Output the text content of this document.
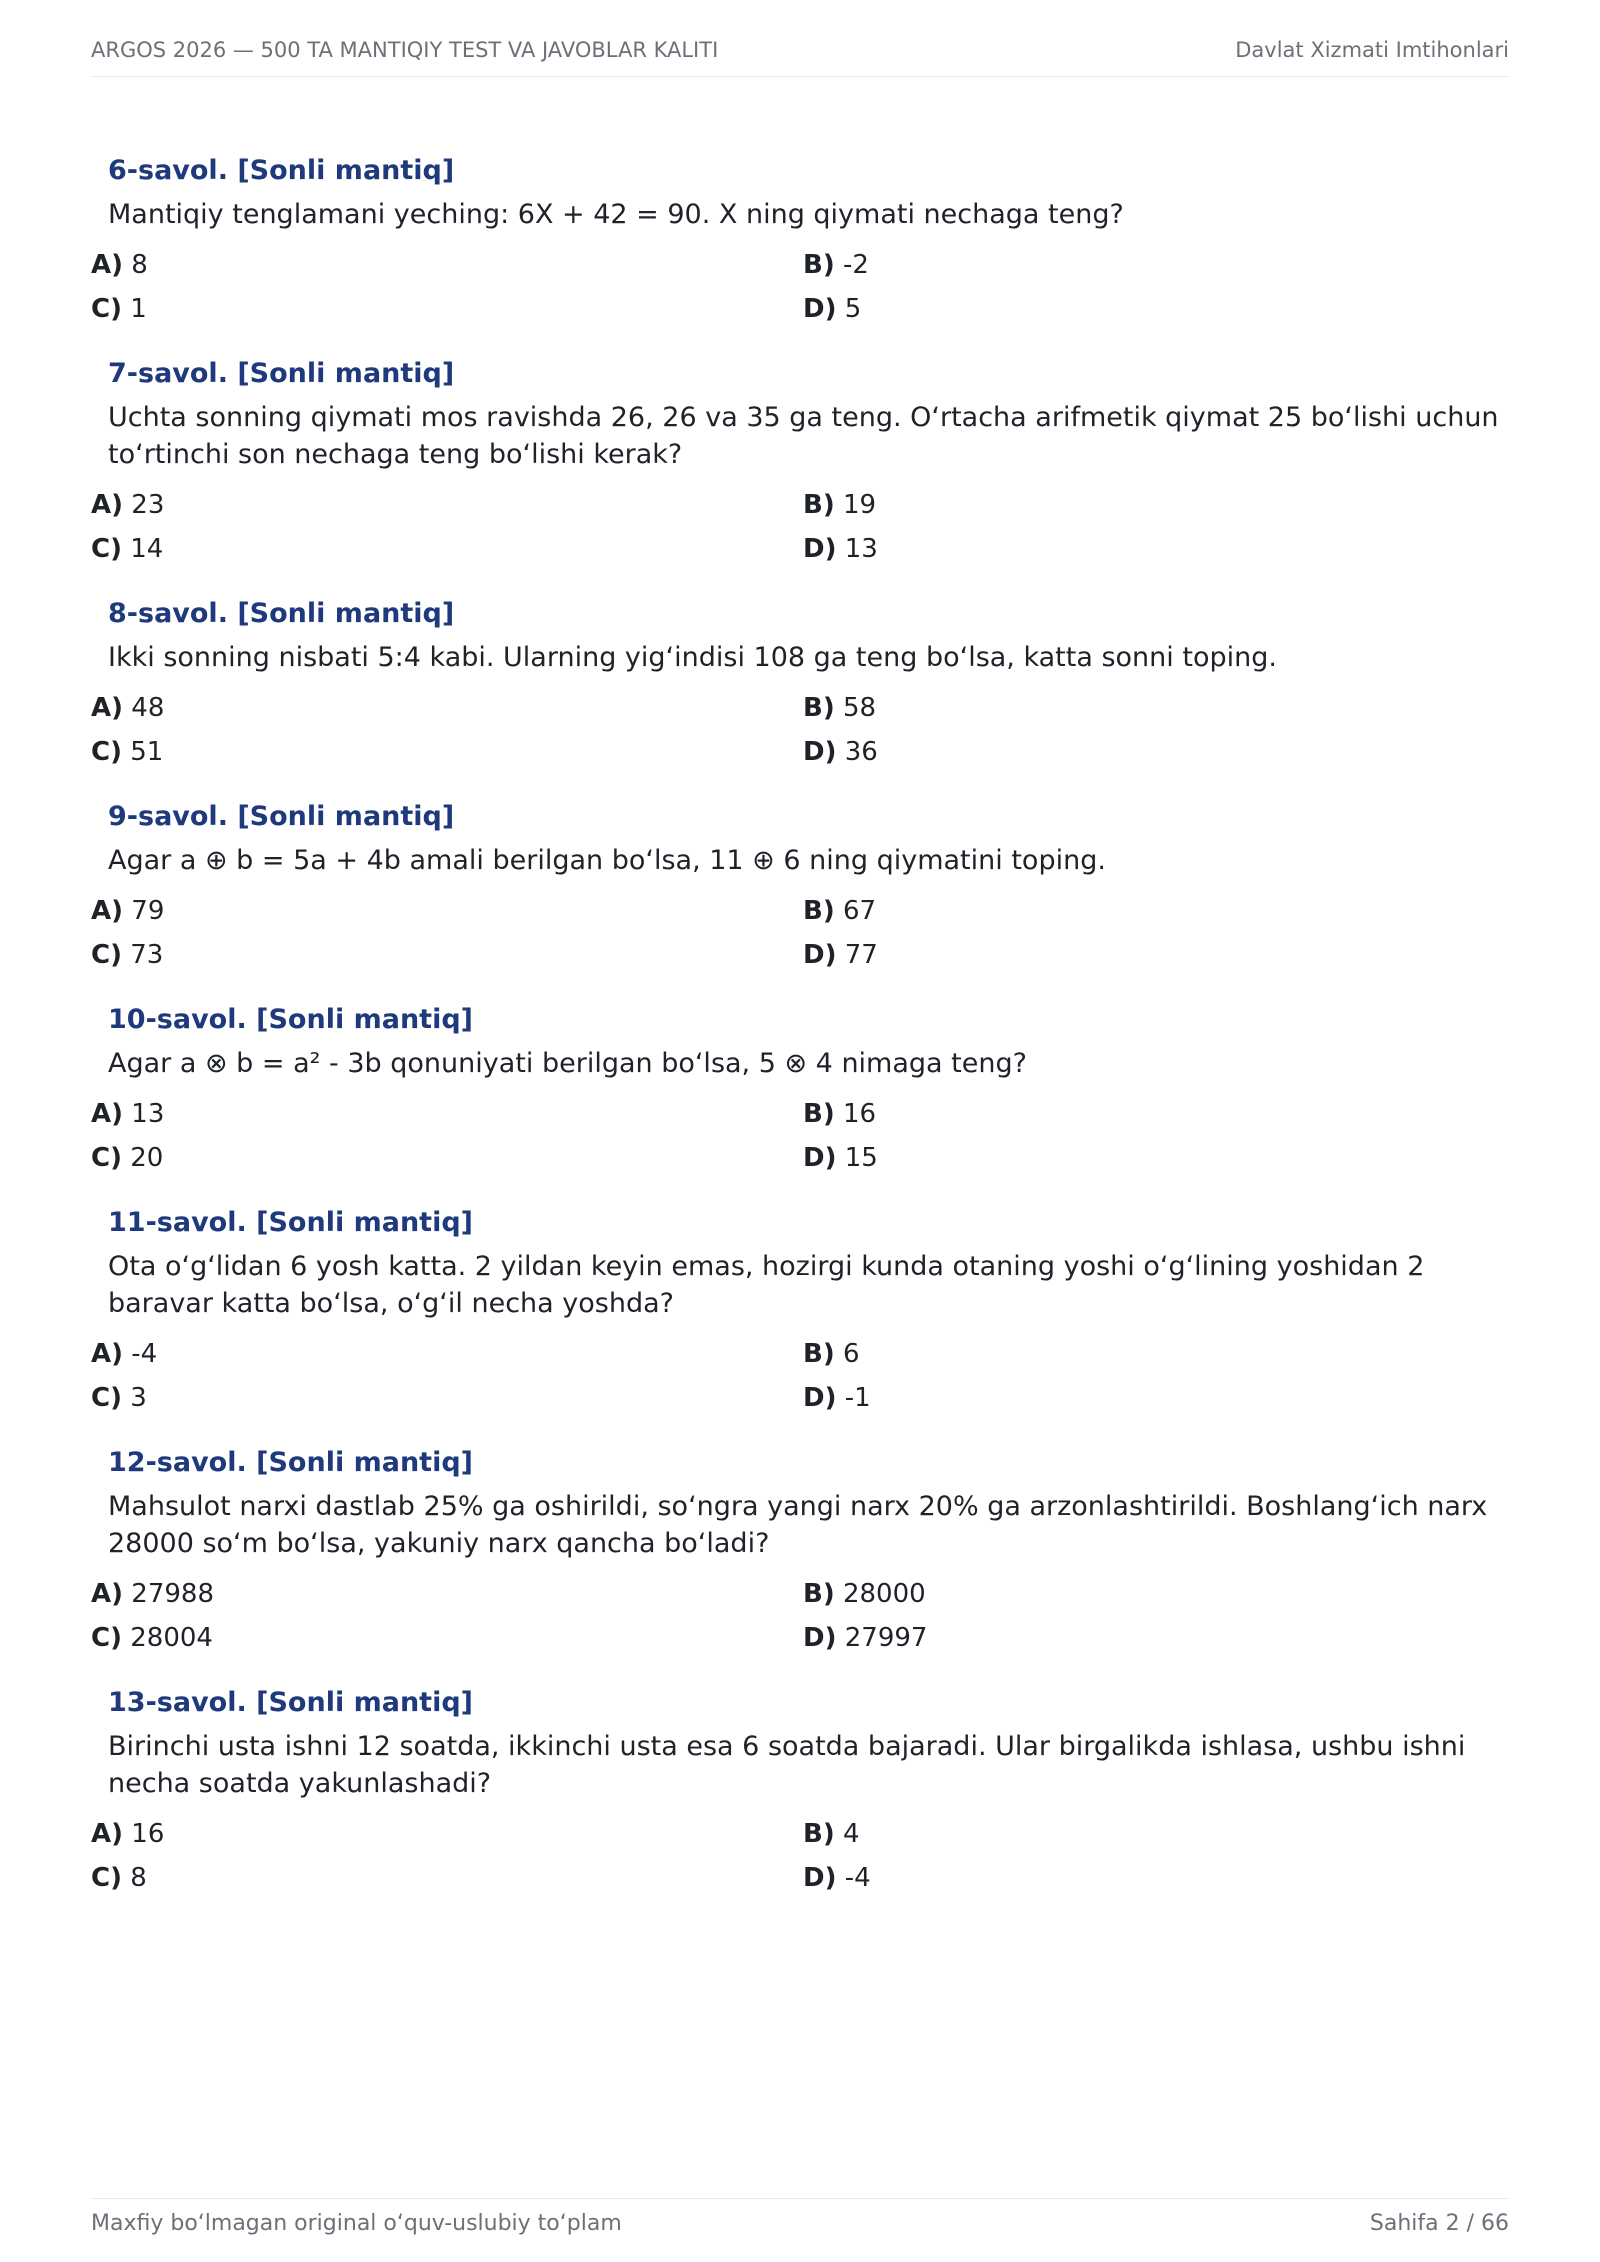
ARGOS 2026 — 500 TA MANTIQIY TEST VA JAVOBLAR KALITI	Davlat Xizmati Imtihonlari
6-savol. [Sonli mantiq]
Mantiqiy tenglamani yeching: 6X + 42 = 90. X ning qiymati nechaga teng?
A) 8	B) -2
C) 1	D) 5
7-savol. [Sonli mantiq]
Uchta sonning qiymati mos ravishda 26, 26 va 35 ga teng. O‘rtacha arifmetik qiymat 25 bo‘lishi uchun to‘rtinchi son nechaga teng bo‘lishi kerak?
A) 23	B) 19
C) 14	D) 13
8-savol. [Sonli mantiq]
Ikki sonning nisbati 5:4 kabi. Ularning yig‘indisi 108 ga teng bo‘lsa, katta sonni toping.
A) 48	B) 58
C) 51	D) 36
9-savol. [Sonli mantiq]
Agar a ⊕ b = 5a + 4b amali berilgan bo‘lsa, 11 ⊕ 6 ning qiymatini toping.
A) 79	B) 67
C) 73	D) 77
10-savol. [Sonli mantiq]
Agar a ⊗ b = a² - 3b qonuniyati berilgan bo‘lsa, 5 ⊗ 4 nimaga teng?
A) 13	B) 16
C) 20	D) 15
11-savol. [Sonli mantiq]
Ota o‘g‘lidan 6 yosh katta. 2 yildan keyin emas, hozirgi kunda otaning yoshi o‘g‘lining yoshidan 2 baravar katta bo‘lsa, o‘g‘il necha yoshda?
A) -4	B) 6
C) 3	D) -1
12-savol. [Sonli mantiq]
Mahsulot narxi dastlab 25% ga oshirildi, so‘ngra yangi narx 20% ga arzonlashtirildi. Boshlang‘ich narx 28000 so‘m bo‘lsa, yakuniy narx qancha bo‘ladi?
A) 27988	B) 28000
C) 28004	D) 27997
13-savol. [Sonli mantiq]
Birinchi usta ishni 12 soatda, ikkinchi usta esa 6 soatda bajaradi. Ular birgalikda ishlasa, ushbu ishni necha soatda yakunlashadi?
A) 16	B) 4
C) 8	D) -4
Maxfiy bo‘lmagan original o‘quv-uslubiy to‘plam	Sahifa 2 / 66
